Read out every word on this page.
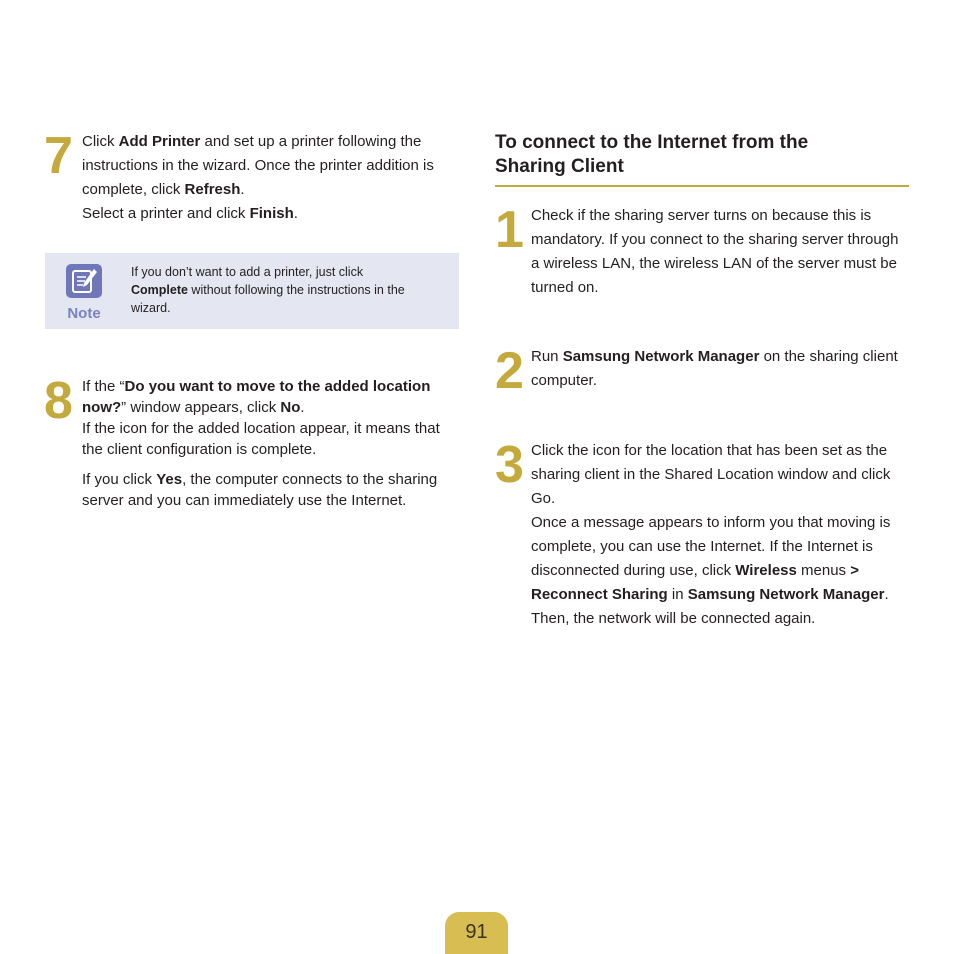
7 Click Add Printer and set up a printer following the

instructions in the wizard. Once the printer addition is

complete, click Refresh.

Select a printer and click Finish.

Note

If you don’t want to add a printer, just click

Complete without following the instructions in the

wizard.

8 If the “Do you want to move to the added location now?” window appears, click No.

If the icon for the added location appear, it means that the client configuration is complete.

If you click Yes, the computer connects to the sharing server and you can immediately use the Internet.

To connect to the Internet from the
Sharing Client
1 Check if the sharing server turns on because this is mandatory. If you connect to the sharing server through a wireless LAN, the wireless LAN of the server must be turned on.

2 Run Samsung Network Manager on the sharing client computer.

3 Click the icon for the location that has been set as the sharing client in the Shared Location window and click Go.

Once a message appears to inform you that moving is complete, you can use the Internet. If the Internet is disconnected during use, click Wireless menus > Reconnect Sharing in Samsung Network Manager. Then, the network will be connected again.

91
